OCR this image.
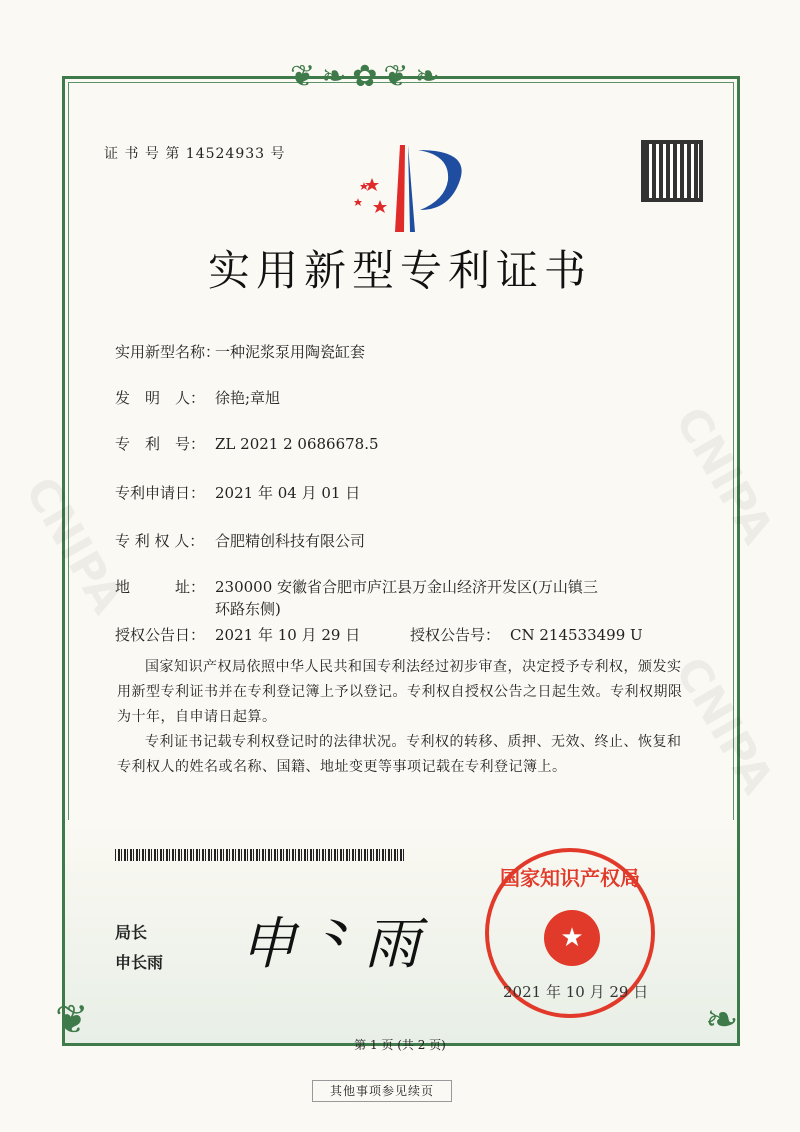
❦❧✿❦❧
❦	❧
CNIPA
CNIPA
CNIPA
证 书 号 第 14524933 号
实用新型专利证书
实用新型名称：
一种泥浆泵用陶瓷缸套
发　明　人： 徐艳;章旭
专　利　号： ZL 2021 2 0686678.5
专利申请日： 2021 年 04 月 01 日
专 利 权 人： 合肥精创科技有限公司
地　　　址： 230000 安徽省合肥市庐江县万金山经济开发区(万山镇三环路东侧)
授权公告日： 2021 年 10 月 29 日	授权公告号： CN 214533499 U
国家知识产权局依照中华人民共和国专利法经过初步审查，决定授予专利权，颁发实用新型专利证书并在专利登记簿上予以登记。专利权自授权公告之日起生效。专利权期限为十年，自申请日起算。
专利证书记载专利权登记时的法律状况。专利权的转移、质押、无效、终止、恢复和专利权人的姓名或名称、国籍、地址变更等事项记载在专利登记簿上。
局长
申长雨 申⺀雨	★
国家知识产权局
2021 年 10 月 29 日
第 1 页 (共 2 页)
其他事项参见续页
